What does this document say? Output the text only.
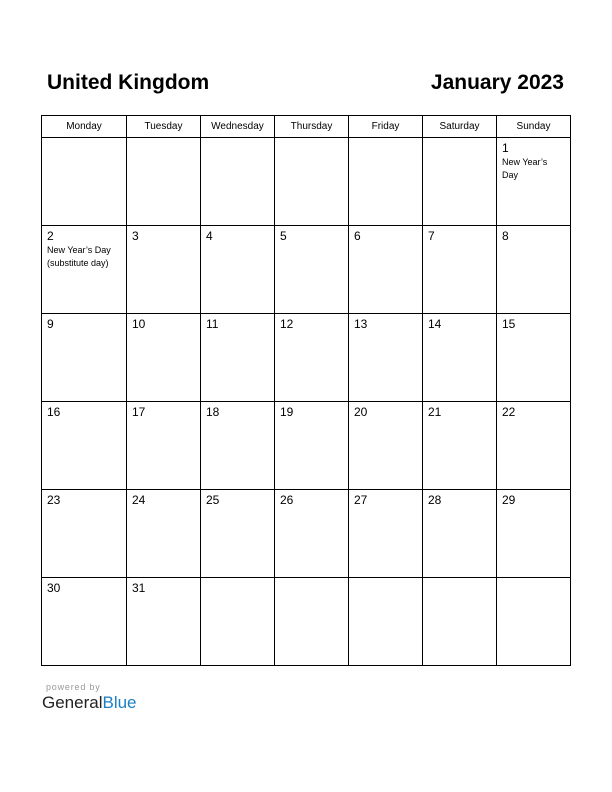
United Kingdom	January 2023
Monday	Tuesday	Wednesday	Thursday	Friday	Saturday	Sunday

						1
New Year’s Day

2
New Year’s Day (substitute day)	3	4	5	6	7	8

9	10	11	12	13	14	15

16	17	18	19	20	21	22

23	24	25	26	27	28	29

30	31					

powered by
GeneralBlue
